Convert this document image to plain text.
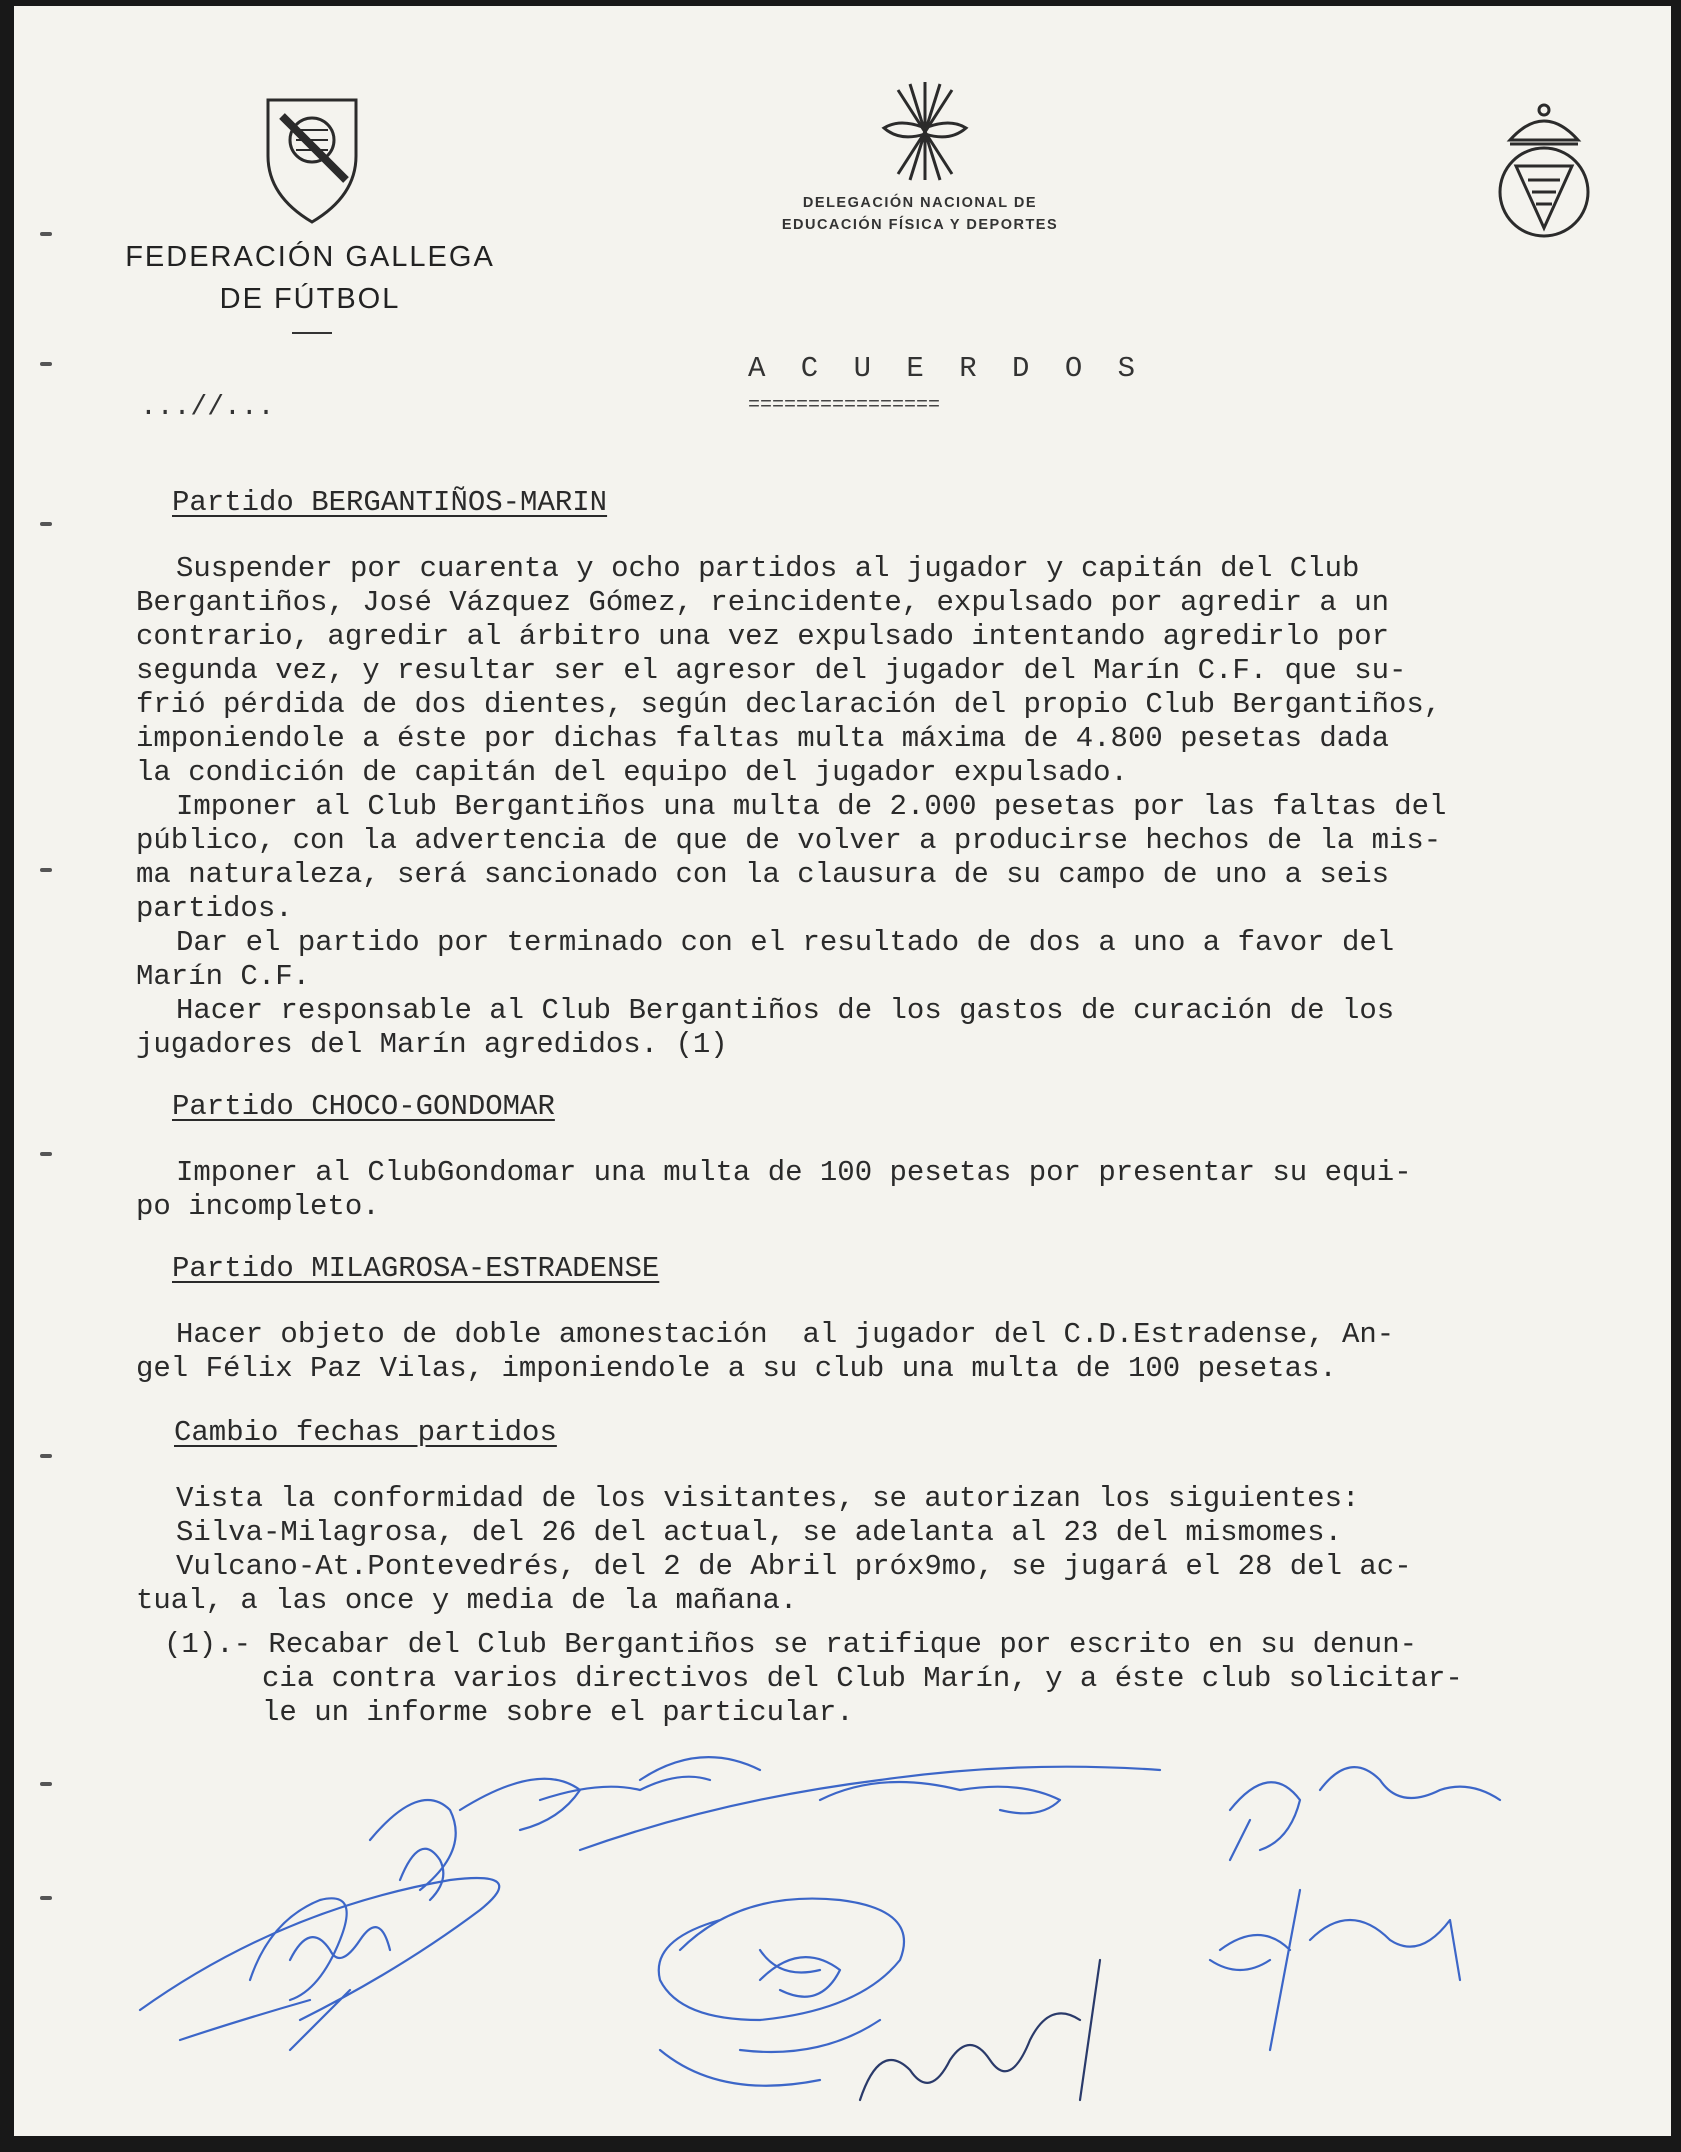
FEDERACIÓN GALLEGA
DE FÚTBOL
DELEGACIÓN NACIONAL DE
EDUCACIÓN FÍSICA Y DEPORTES
A C U E R D O S
================
...//...
Partido BERGANTIÑOS-MARIN
Suspender por cuarenta y ocho partidos al jugador y capitán del Club
Bergantiños, José Vázquez Gómez, reincidente, expulsado por agredir a un
contrario, agredir al árbitro una vez expulsado intentando agredirlo por
segunda vez, y resultar ser el agresor del jugador del Marín C.F. que su-
frió pérdida de dos dientes, según declaración del propio Club Bergantiños,
imponiendole a éste por dichas faltas multa máxima de 4.800 pesetas dada
la condición de capitán del equipo del jugador expulsado.
Imponer al Club Bergantiños una multa de 2.000 pesetas por las faltas del
público, con la advertencia de que de volver a producirse hechos de la mis-
ma naturaleza, será sancionado con la clausura de su campo de uno a seis
partidos.
Dar el partido por terminado con el resultado de dos a uno a favor del
Marín C.F.
Hacer responsable al Club Bergantiños de los gastos de curación de los
jugadores del Marín agredidos. (1)
Partido CHOCO-GONDOMAR
Imponer al ClubGondomar una multa de 100 pesetas por presentar su equi-
po incompleto.
Partido MILAGROSA-ESTRADENSE
Hacer objeto de doble amonestación  al jugador del C.D.Estradense, An-
gel Félix Paz Vilas, imponiendole a su club una multa de 100 pesetas.
Cambio fechas partidos
Vista la conformidad de los visitantes, se autorizan los siguientes:
Silva-Milagrosa, del 26 del actual, se adelanta al 23 del mismomes.
Vulcano-At.Pontevedrés, del 2 de Abril próx9mo, se jugará el 28 del ac-
tual, a las once y media de la mañana.
(1).- Recabar del Club Bergantiños se ratifique por escrito en su denun-
cia contra varios directivos del Club Marín, y a éste club solicitar-
le un informe sobre el particular.
